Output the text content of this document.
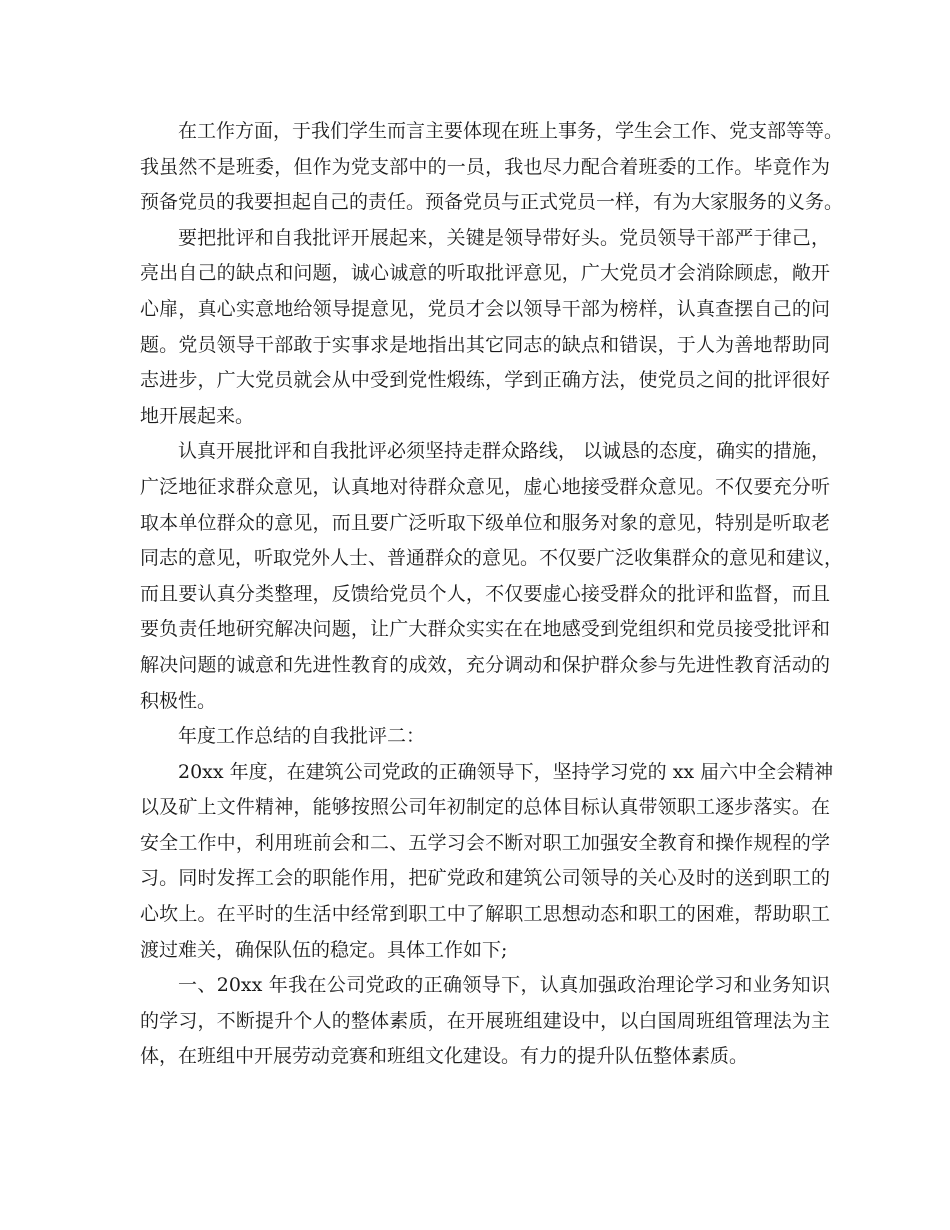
在工作方面，于我们学生而言主要体现在班上事务，学生会工作、党支部等等。
我虽然不是班委，但作为党支部中的一员，我也尽力配合着班委的工作。毕竟作为
预备党员的我要担起自己的责任。预备党员与正式党员一样，有为大家服务的义务。

要把批评和自我批评开展起来，关键是领导带好头。党员领导干部严于律己，
亮出自己的缺点和问题，诚心诚意的听取批评意见，广大党员才会消除顾虑，敞开
心扉，真心实意地给领导提意见，党员才会以领导干部为榜样，认真查摆自己的问
题。党员领导干部敢于实事求是地指出其它同志的缺点和错误，于人为善地帮助同
志进步，广大党员就会从中受到党性煅练，学到正确方法，使党员之间的批评很好
地开展起来。

认真开展批评和自我批评必须坚持走群众路线， 以诚恳的态度，确实的措施，
广泛地征求群众意见，认真地对待群众意见，虚心地接受群众意见。不仅要充分听
取本单位群众的意见，而且要广泛听取下级单位和服务对象的意见，特别是听取老
同志的意见，听取党外人士、普通群众的意见。不仅要广泛收集群众的意见和建议，
而且要认真分类整理，反馈给党员个人，不仅要虚心接受群众的批评和监督，而且
要负责任地研究解决问题，让广大群众实实在在地感受到党组织和党员接受批评和
解决问题的诚意和先进性教育的成效，充分调动和保护群众参与先进性教育活动的
积极性。

年度工作总结的自我批评二：

20xx 年度，在建筑公司党政的正确领导下，坚持学习党的 xx 届六中全会精神
以及矿上文件精神，能够按照公司年初制定的总体目标认真带领职工逐步落实。在
安全工作中，利用班前会和二、五学习会不断对职工加强安全教育和操作规程的学
习。同时发挥工会的职能作用，把矿党政和建筑公司领导的关心及时的送到职工的
心坎上。在平时的生活中经常到职工中了解职工思想动态和职工的困难，帮助职工
渡过难关，确保队伍的稳定。具体工作如下;

一、20xx 年我在公司党政的正确领导下，认真加强政治理论学习和业务知识
的学习，不断提升个人的整体素质，在开展班组建设中，以白国周班组管理法为主
体，在班组中开展劳动竞赛和班组文化建设。有力的提升队伍整体素质。
